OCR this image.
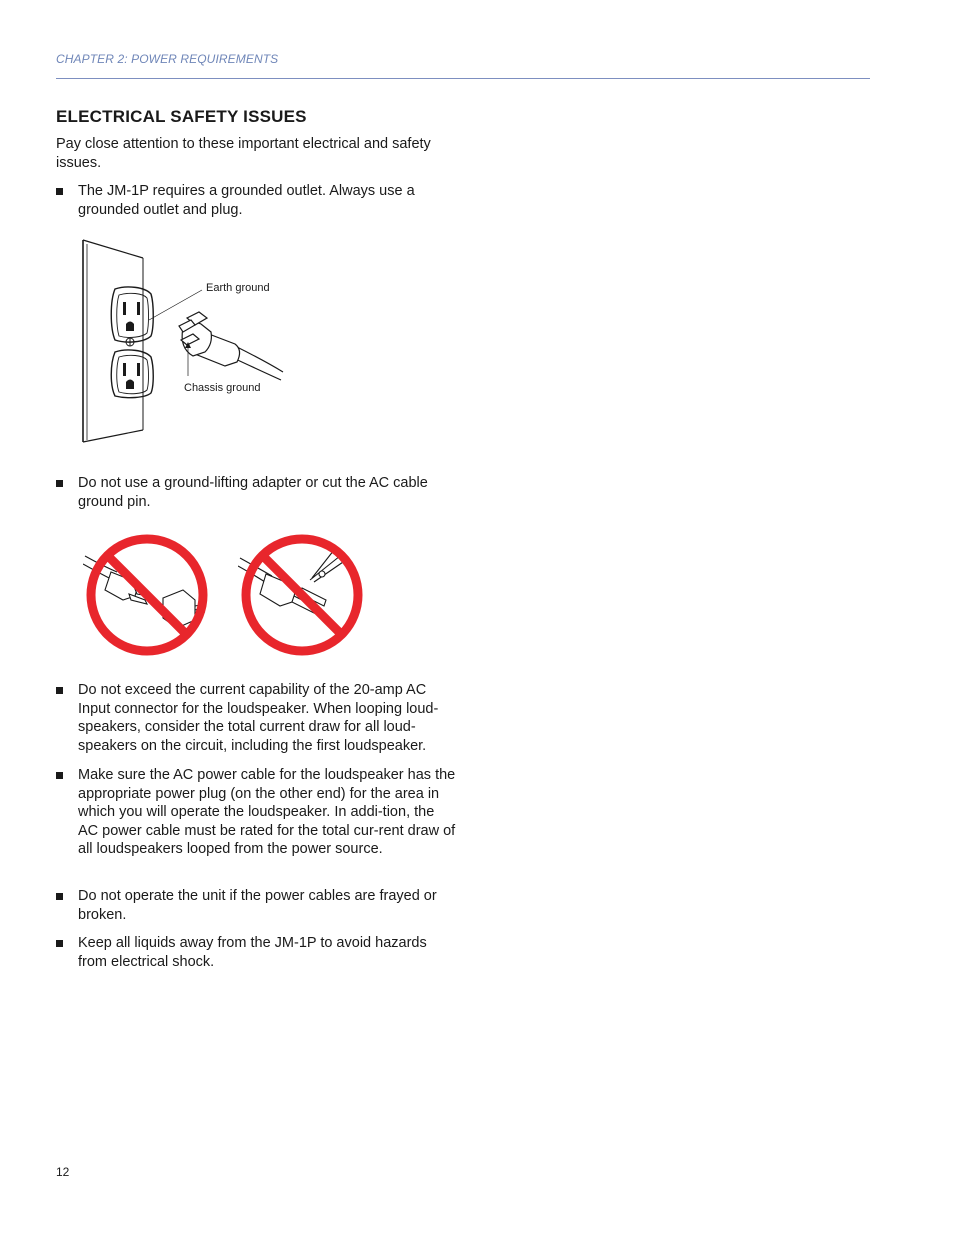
CHAPTER 2: POWER REQUIREMENTS
ELECTRICAL SAFETY ISSUES

Pay close attention to these important electrical and safety issues.

The JM-1P requires a grounded outlet. Always use a grounded outlet and plug.
Earth ground
Chassis ground
Do not use a ground-lifting adapter or cut the AC cable ground pin.
Do not exceed the current capability of the 20-amp AC Input connector for the loudspeaker. When looping loud-speakers, consider the total current draw for all loud-speakers on the circuit, including the first loudspeaker.
Make sure the AC power cable for the loudspeaker has the appropriate power plug (on the other end) for the area in which you will operate the loudspeaker. In addi-tion, the AC power cable must be rated for the total cur-rent draw of all loudspeakers looped from the power source.
Do not operate the unit if the power cables are frayed or broken.
Keep all liquids away from the JM-1P to avoid hazards from electrical shock.
12
